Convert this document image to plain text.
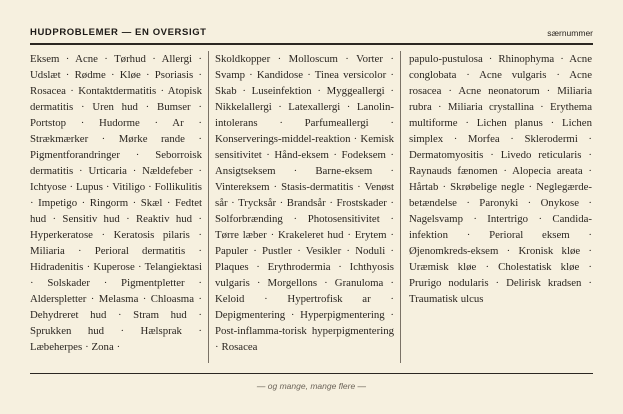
HUDPROBLEMER — EN OVERSIGT	særnummer
Eksem · Acne · Tørhud · Allergi · Udslæt · Rødme · Kløe · Psoriasis · Rosacea · Kontaktdermatitis · Atopisk dermatitis · Uren hud · Bumser · Portstop · Hudorme · Ar · Strækmærker · Mørke rande · Pigmentforandringer · Seborroisk dermatitis · Urticaria · Nældefeber · Ichtyose · Lupus · Vitiligo · Follikulitis · Impetigo · Ringorm · Skæl · Fedtet hud · Sensitiv hud · Reaktiv hud · Hyperkeratose · Keratosis pilaris · Miliaria · Perioral dermatitis · Hidradenitis · Kuperose · Telangiektasi · Solskader · Pigmentpletter · Alderspletter · Melasma · Chloasma · Dehydreret hud · Stram hud · Sprukken hud · Hælsprak · Læbeherpes · Zona ·
Skoldkopper · Molloscum · Vorter · Svamp · Kandidose · Tinea versicolor · Skab · Luseinfektion · Myggeallergi · Nikkelallergi · Latexallergi · Lanolin-intolerans · Parfumeallergi · Konserverings-middel-reaktion · Kemisk sensitivitet · Hånd-eksem · Fodeksem · Ansigtseksem · Barne-eksem · Vintereksem · Stasis-dermatitis · Venøst sår · Trycksår · Brandsår · Frostskader · Solforbrænding · Photosensitivitet · Tørre læber · Krakeleret hud · Erytem · Papuler · Pustler · Vesikler · Noduli · Plaques · Erythrodermia · Ichthyosis vulgaris · Morgellons · Granuloma · Keloid · Hypertrofisk ar · Depigmentering · Hyperpigmentering · Post-inflamma-torisk hyperpigmentering · Rosacea
papulo-pustulosa · Rhinophyma · Acne conglobata · Acne vulgaris · Acne rosacea · Acne neonatorum · Miliaria rubra · Miliaria crystallina · Erythema multiforme · Lichen planus · Lichen simplex · Morfea · Sklerodermi · Dermatomyositis · Livedo reticularis · Raynauds fænomen · Alopecia areata · Hårtab · Skrøbelige negle · Neglegærde-betændelse · Paronyki · Onykose · Nagelsvamp · Intertrigo · Candida-infektion · Perioral eksem · Øjenomkreds-eksem · Kronisk kløe · Uræmisk kløe · Cholestatisk kløe · Prurigo nodularis · Delirisk kradsen · Traumatisk ulcus
— og mange, mange flere —
